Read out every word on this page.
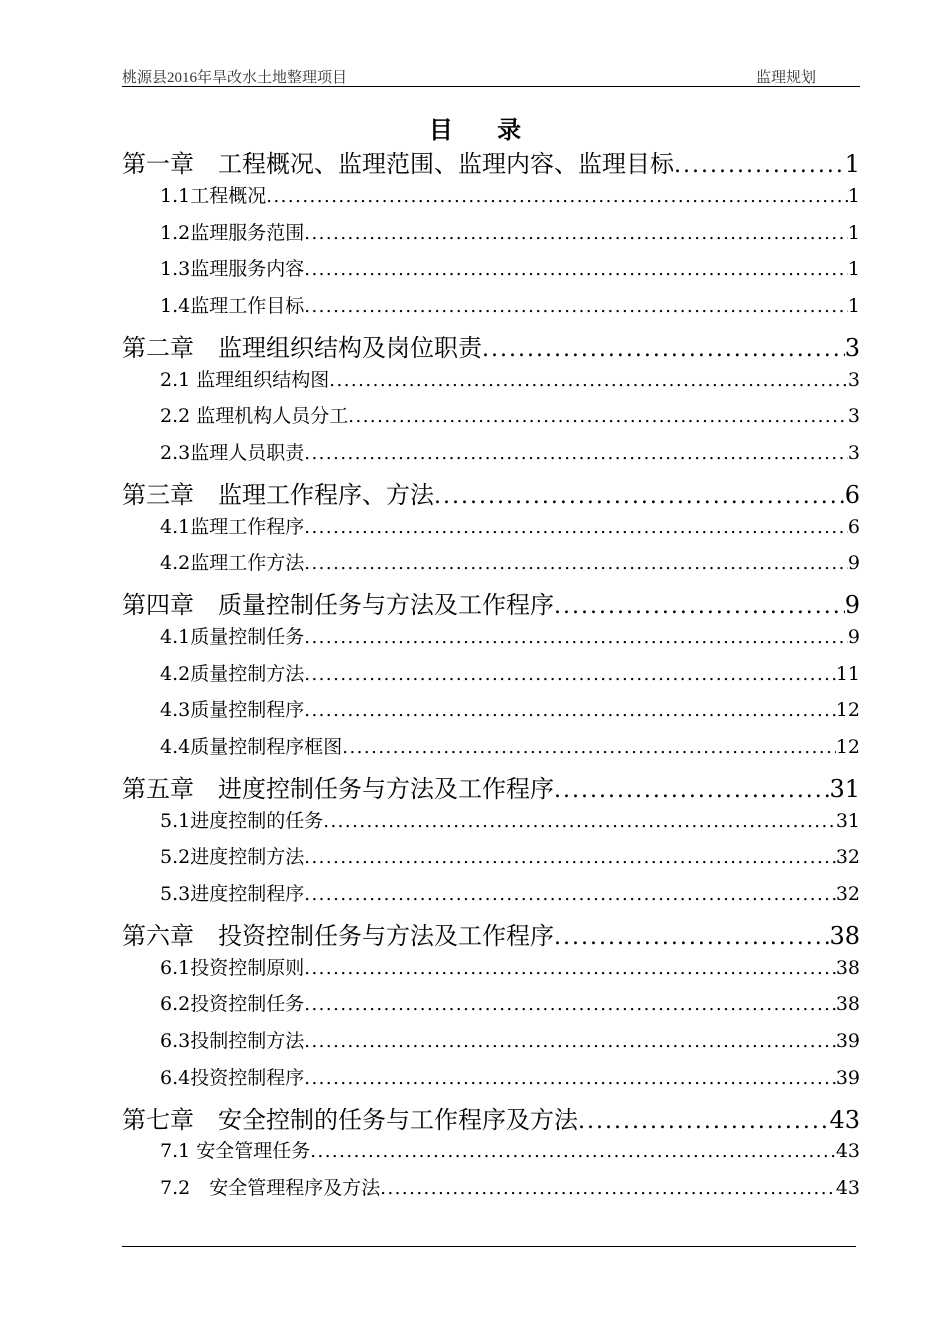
桃源县2016年旱改水土地整理项目	监理规划
目 录
第一章　工程概况、监理范围、监理内容、监理目标 .....	1
1.1工程概况 .....	1
1.2监理服务范围 .....	1
1.3监理服务内容 .....	1
1.4监理工作目标 .....	1
第二章　监理组织结构及岗位职责 .....	3
2.1 监理组织结构图 .....	3
2.2 监理机构人员分工 .....	3
2.3监理人员职责 .....	3
第三章　监理工作程序、方法 .....	6
4.1监理工作程序 .....	6
4.2监理工作方法 .....	9
第四章　质量控制任务与方法及工作程序 .....	9
4.1质量控制任务 .....	9
4.2质量控制方法 .....	11
4.3质量控制程序 .....	12
4.4质量控制程序框图 .....	12
第五章　进度控制任务与方法及工作程序 .....	31
5.1进度控制的任务 .....	31
5.2进度控制方法 .....	32
5.3进度控制程序 .....	32
第六章　投资控制任务与方法及工作程序 .....	38
6.1投资控制原则 .....	38
6.2投资控制任务 .....	38
6.3投制控制方法 .....	39
6.4投资控制程序 .....	39
第七章　安全控制的任务与工作程序及方法 .....	43
7.1 安全管理任务 .....	43
7.2　安全管理程序及方法 .....	43
